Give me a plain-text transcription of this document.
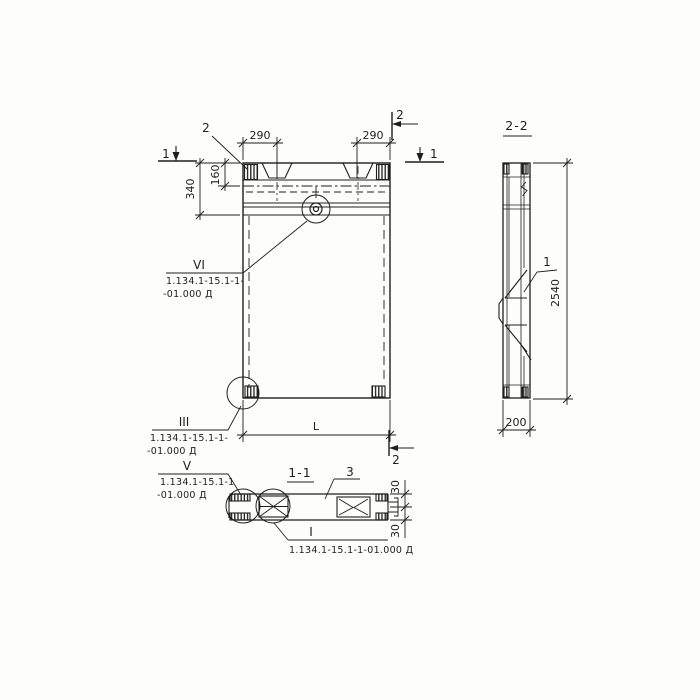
1	1
2
2
2
290	290
340
160
L
VI
1.134.1-15.1-1-
-01.000 Д
III
1.134.1-15.1-1-
-01.000 Д
2-2
1
2540
200
1-1	3
30
30
V
1.134.1-15.1-1
-01.000 Д
I
1.134.1-15.1-1-01.000 Д
